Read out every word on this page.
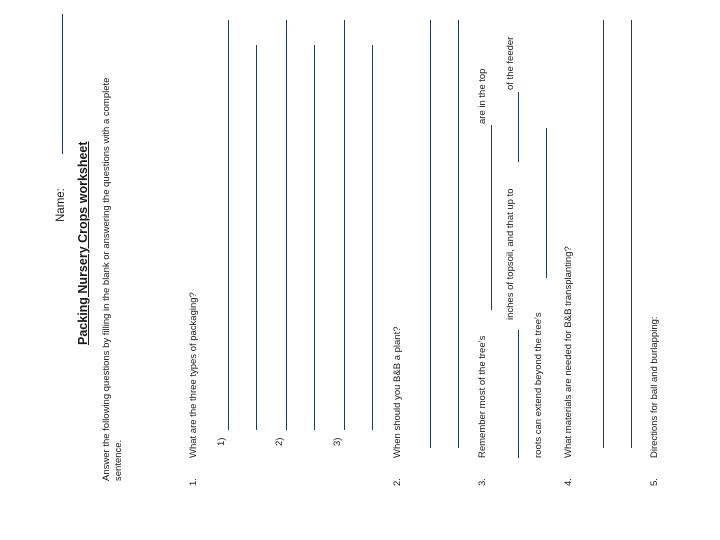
Name: Packing Nursery Crops worksheet Answer the following questions by filling in the blank or answering the questions with a complete sentence.
1.
What are the three types of packaging? 1)	2)	3)
2.
When should you B&B a plant?
3.
Remember most of the tree’s
are in the top
inches of topsoil, and that up to
of the feeder
roots can extend beyond the tree’s
4.
What materials are needed for B&B transplanting?
5.
Directions for ball and burlapping:
